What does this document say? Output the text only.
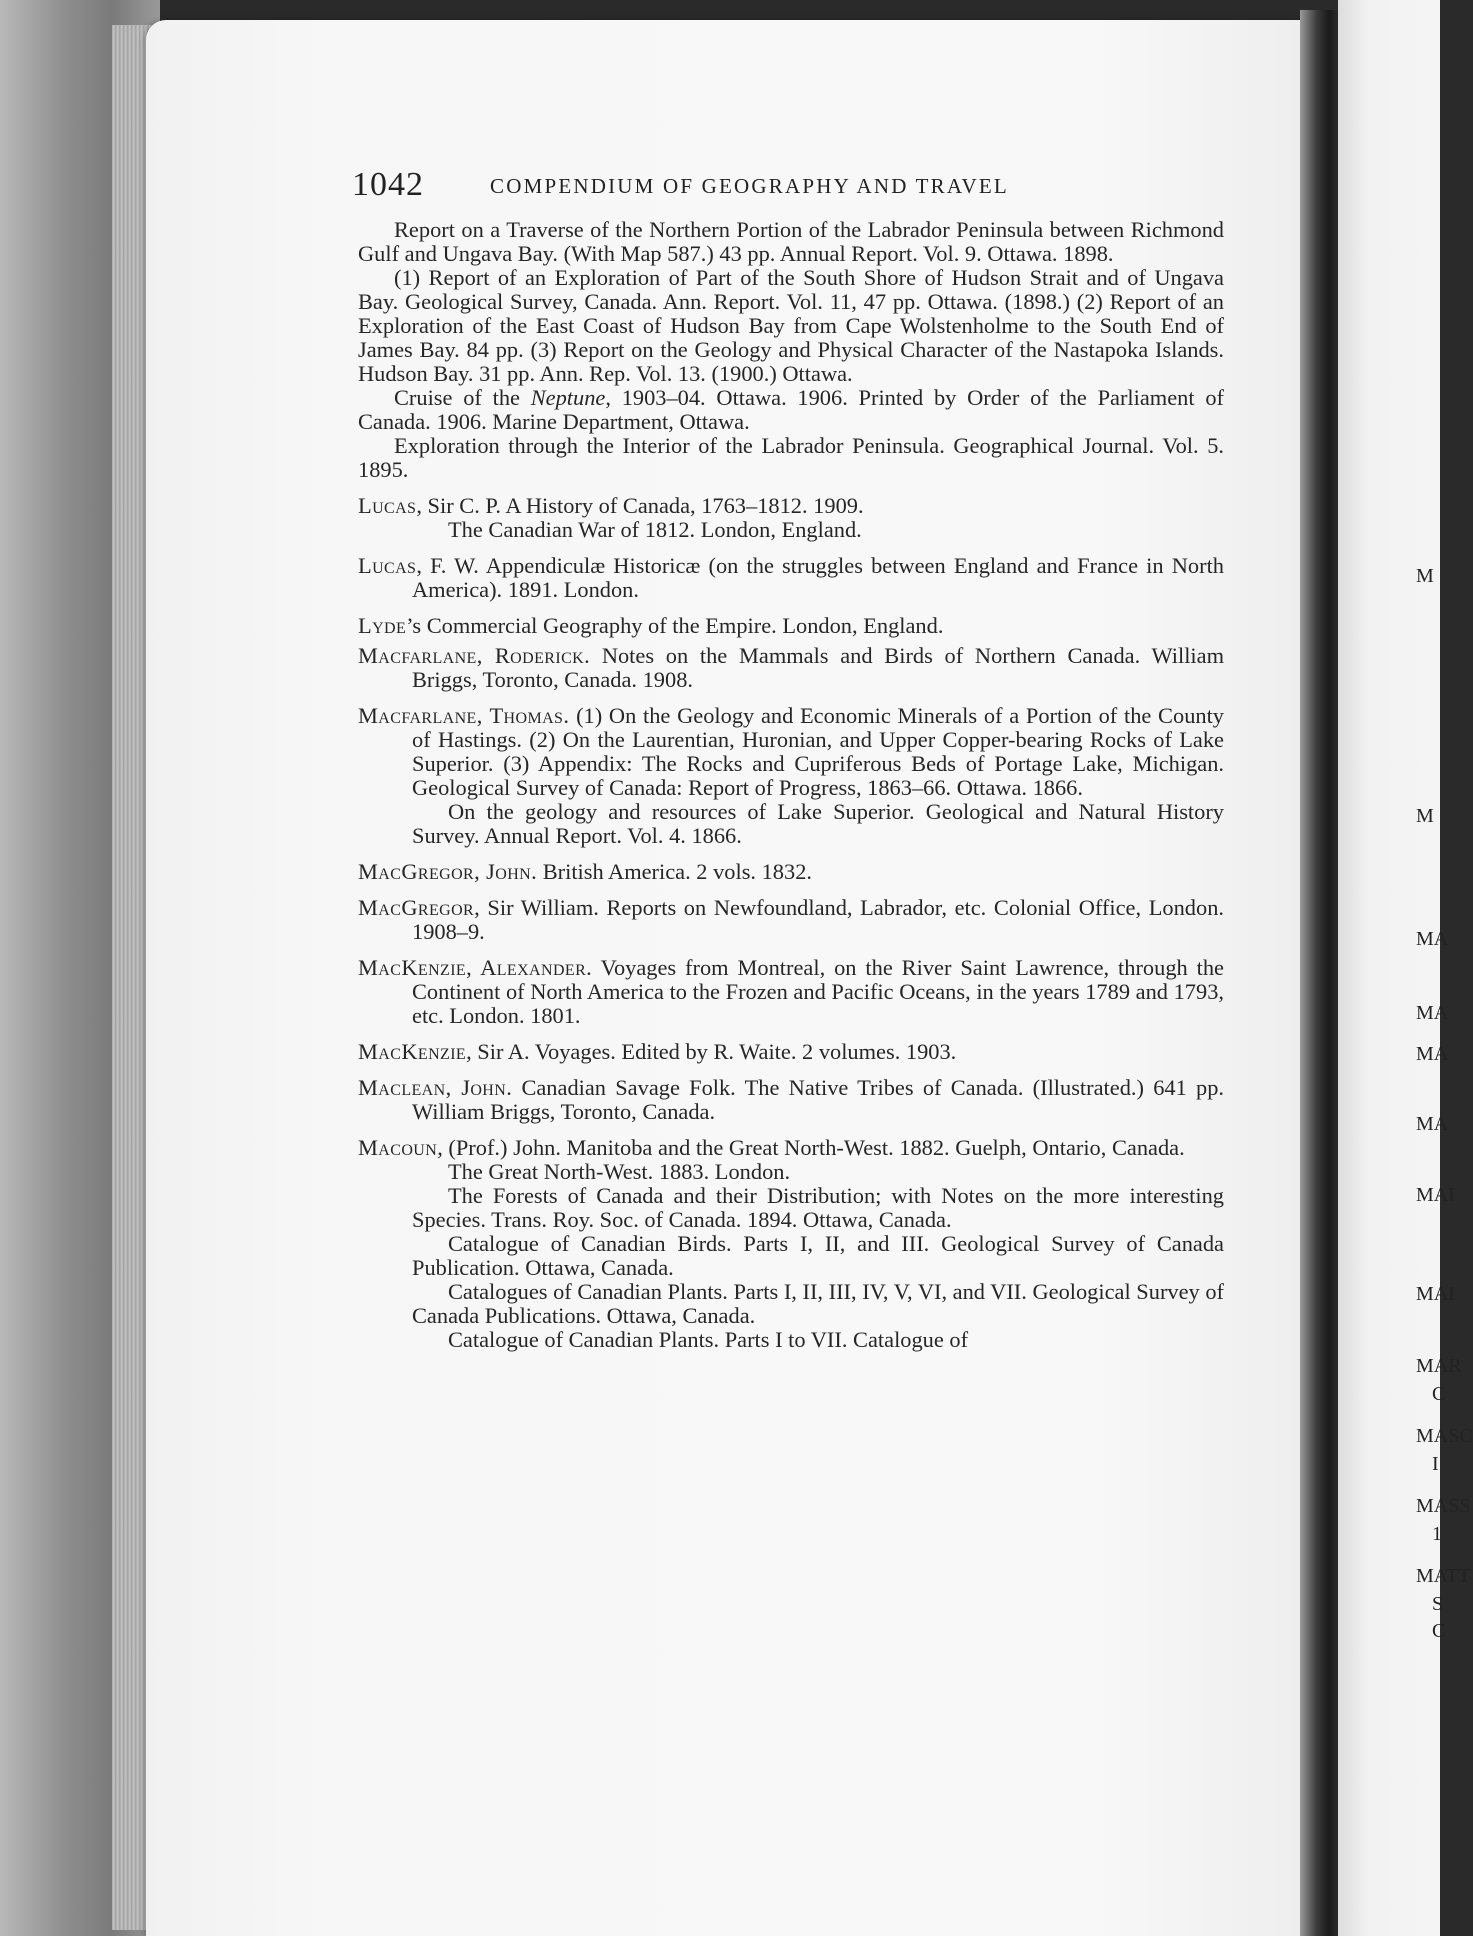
M
M
MA
MA
MA
MA
MAI
MAI
MAR
C
MASC
I
MASS
1
MATT
S
C
1042	COMPENDIUM OF GEOGRAPHY AND TRAVEL

Report on a Traverse of the Northern Portion of the Labrador Peninsula between Richmond Gulf and Ungava Bay. (With Map 587.) 43 pp. Annual Report. Vol. 9. Ottawa. 1898.

(1) Report of an Exploration of Part of the South Shore of Hudson Strait and of Ungava Bay. Geological Survey, Canada. Ann. Report. Vol. 11, 47 pp. Ottawa. (1898.) (2) Report of an Exploration of the East Coast of Hudson Bay from Cape Wolstenholme to the South End of James Bay. 84 pp. (3) Report on the Geology and Physical Character of the Nastapoka Islands. Hudson Bay. 31 pp. Ann. Rep. Vol. 13. (1900.) Ottawa.

Cruise of the Neptune, 1903–04. Ottawa. 1906. Printed by Order of the Parliament of Canada. 1906. Marine Department, Ottawa.

Exploration through the Interior of the Labrador Peninsula. Geographical Journal. Vol. 5. 1895.

Lucas, Sir C. P. A History of Canada, 1763–1812. 1909.

The Canadian War of 1812. London, England.

Lucas, F. W. Appendiculæ Historicæ (on the struggles between England and France in North America). 1891. London.

Lyde’s Commercial Geography of the Empire. London, England.

Macfarlane, Roderick. Notes on the Mammals and Birds of Northern Canada. William Briggs, Toronto, Canada. 1908.

Macfarlane, Thomas. (1) On the Geology and Economic Minerals of a Portion of the County of Hastings. (2) On the Laurentian, Huronian, and Upper Copper-bearing Rocks of Lake Superior. (3) Appendix: The Rocks and Cupriferous Beds of Portage Lake, Michigan. Geological Survey of Canada: Report of Progress, 1863–66. Ottawa. 1866.

On the geology and resources of Lake Superior. Geological and Natural History Survey. Annual Report. Vol. 4. 1866.

MacGregor, John. British America. 2 vols. 1832.

MacGregor, Sir William. Reports on Newfoundland, Labrador, etc. Colonial Office, London. 1908–9.

MacKenzie, Alexander. Voyages from Montreal, on the River Saint Lawrence, through the Continent of North America to the Frozen and Pacific Oceans, in the years 1789 and 1793, etc. London. 1801.

MacKenzie, Sir A. Voyages. Edited by R. Waite. 2 volumes. 1903.

Maclean, John. Canadian Savage Folk. The Native Tribes of Canada. (Illustrated.) 641 pp. William Briggs, Toronto, Canada.

Macoun, (Prof.) John. Manitoba and the Great North-West. 1882. Guelph, Ontario, Canada.

The Great North-West. 1883. London.

The Forests of Canada and their Distribution; with Notes on the more interesting Species. Trans. Roy. Soc. of Canada. 1894. Ottawa, Canada.

Catalogue of Canadian Birds. Parts I, II, and III. Geological Survey of Canada Publication. Ottawa, Canada.

Catalogues of Canadian Plants. Parts I, II, III, IV, V, VI, and VII. Geological Survey of Canada Publications. Ottawa, Canada.

Catalogue of Canadian Plants. Parts I to VII. Catalogue of
